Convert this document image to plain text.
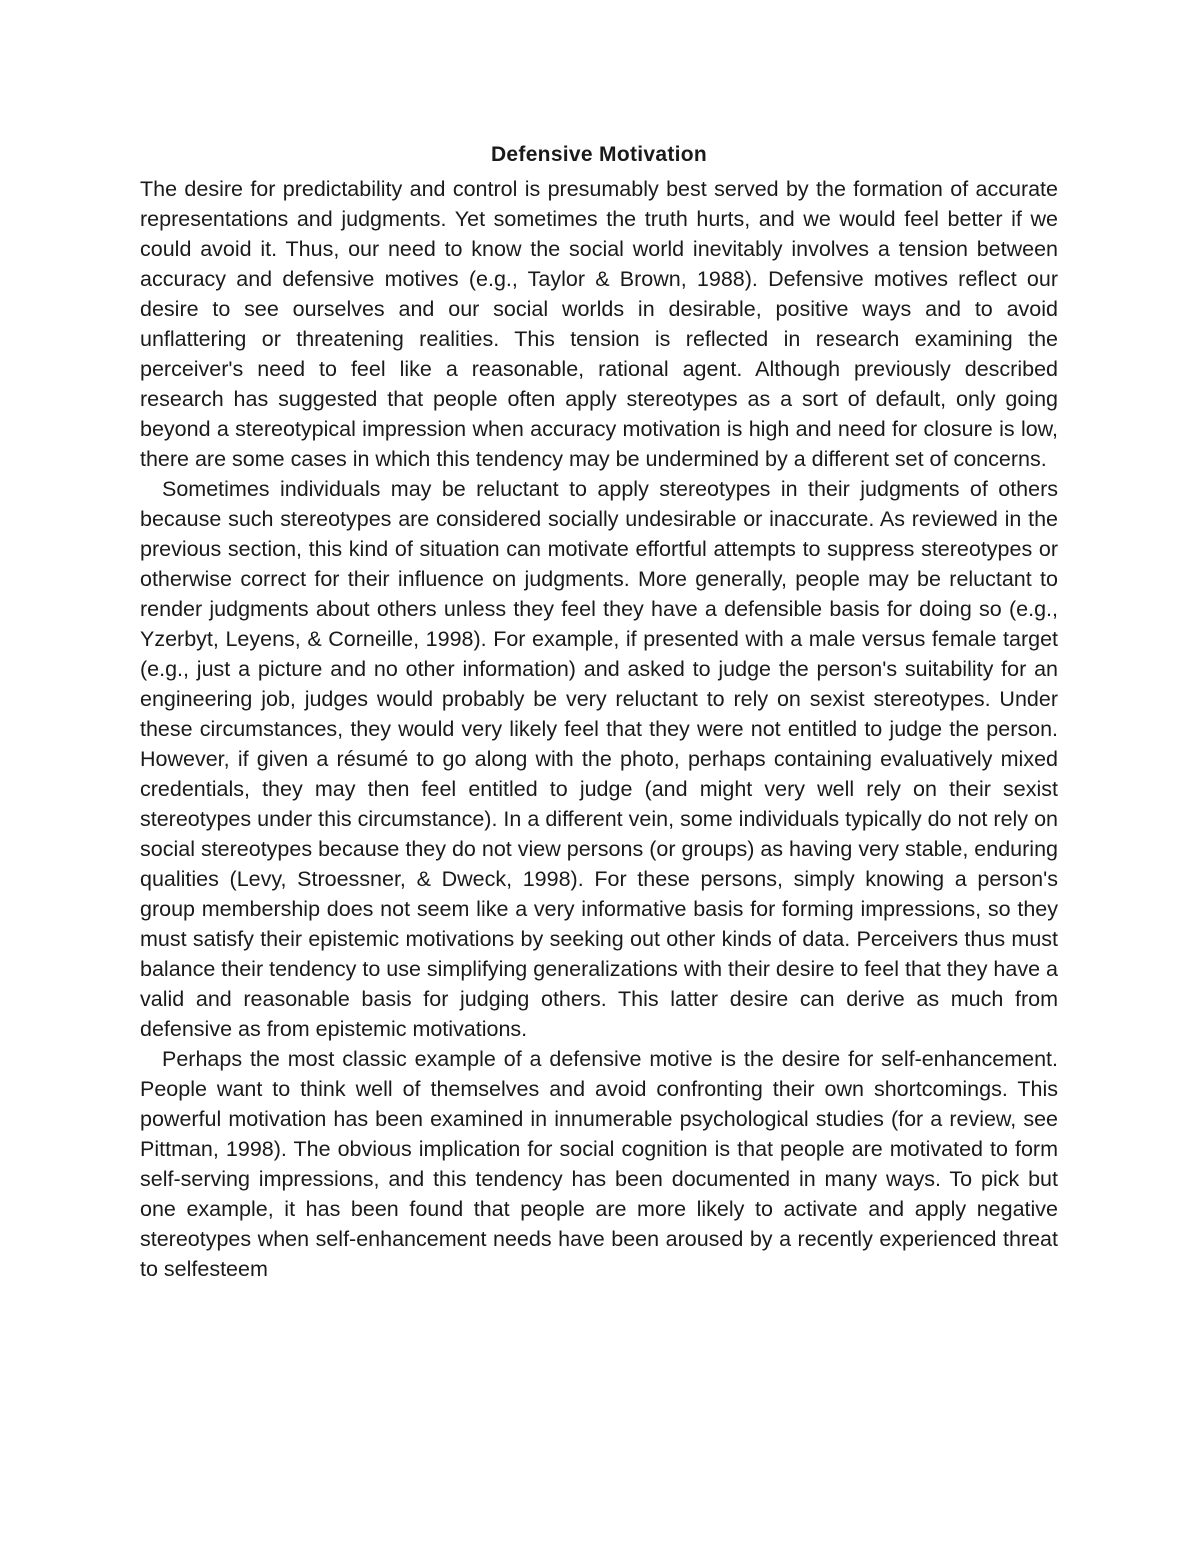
Defensive Motivation

The desire for predictability and control is presumably best served by the formation of accurate representations and judgments. Yet sometimes the truth hurts, and we would feel better if we could avoid it. Thus, our need to know the social world inevitably involves a tension between accuracy and defensive motives (e.g., Taylor & Brown, 1988). Defensive motives reflect our desire to see ourselves and our social worlds in desirable, positive ways and to avoid unflattering or threatening realities. This tension is reflected in research examining the perceiver's need to feel like a reasonable, rational agent. Although previously described research has suggested that people often apply stereotypes as a sort of default, only going beyond a stereotypical impression when accuracy motivation is high and need for closure is low, there are some cases in which this tendency may be undermined by a different set of concerns.

Sometimes individuals may be reluctant to apply stereotypes in their judgments of others because such stereotypes are considered socially undesirable or inaccurate. As reviewed in the previous section, this kind of situation can motivate effortful attempts to suppress stereotypes or otherwise correct for their influence on judgments. More generally, people may be reluctant to render judgments about others unless they feel they have a defensible basis for doing so (e.g., Yzerbyt, Leyens, & Corneille, 1998). For example, if presented with a male versus female target (e.g., just a picture and no other information) and asked to judge the person's suitability for an engineering job, judges would probably be very reluctant to rely on sexist stereotypes. Under these circumstances, they would very likely feel that they were not entitled to judge the person. However, if given a résumé to go along with the photo, perhaps containing evaluatively mixed credentials, they may then feel entitled to judge (and might very well rely on their sexist stereotypes under this circumstance). In a different vein, some individuals typically do not rely on social stereotypes because they do not view persons (or groups) as having very stable, enduring qualities (Levy, Stroessner, & Dweck, 1998). For these persons, simply knowing a person's group membership does not seem like a very informative basis for forming impressions, so they must satisfy their epistemic motivations by seeking out other kinds of data. Perceivers thus must balance their tendency to use simplifying generalizations with their desire to feel that they have a valid and reasonable basis for judging others. This latter desire can derive as much from defensive as from epistemic motivations.

Perhaps the most classic example of a defensive motive is the desire for self-enhancement. People want to think well of themselves and avoid confronting their own shortcomings. This powerful motivation has been examined in innumerable psychological studies (for a review, see Pittman, 1998). The obvious implication for social cognition is that people are motivated to form self-serving impressions, and this tendency has been documented in many ways. To pick but one example, it has been found that people are more likely to activate and apply negative stereotypes when self-enhancement needs have been aroused by a recently experienced threat to selfesteem
